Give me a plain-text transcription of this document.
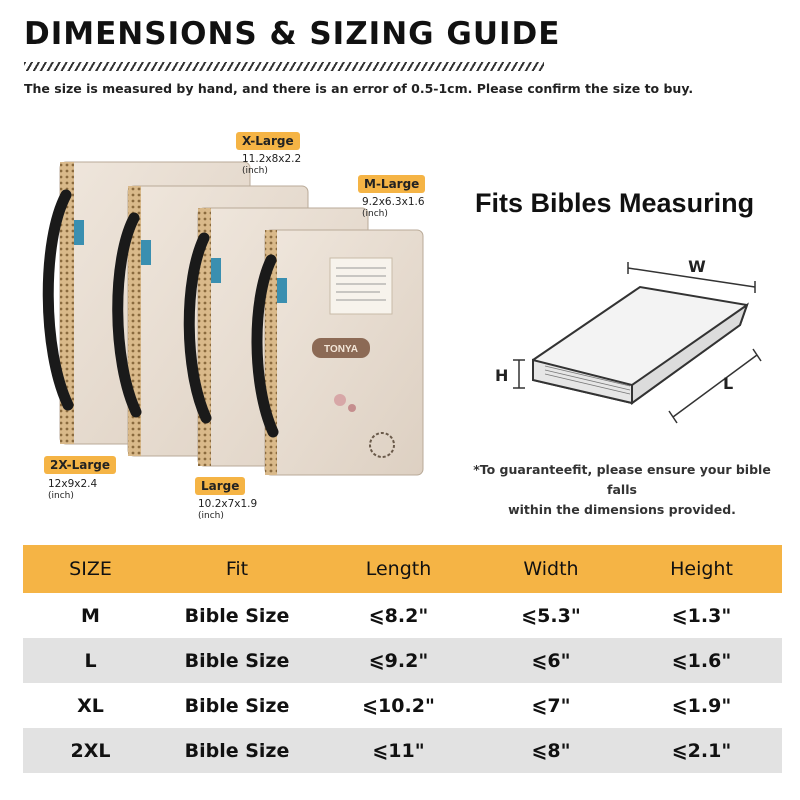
DIMENSIONS & SIZING GUIDE
The size is measured by hand, and there is an error of 0.5-1cm. Please confirm the size to buy.
TONYA
X-Large
11.2x8x2.2
(inch)
M-Large
9.2x6.3x1.6
(inch)
2X-Large
12x9x2.4
(inch)
Large
10.2x7x1.9
(inch)
Fits Bibles Measuring
W
H	L
*To guaranteefit, please ensure your bible falls
within the dimensions provided.
SIZE	Fit	Length	Width	Height
M	Bible Size	⩽8.2"	⩽5.3"	⩽1.3"
L	Bible Size	⩽9.2"	⩽6"	⩽1.6"
XL	Bible Size	⩽10.2"	⩽7"	⩽1.9"
2XL	Bible Size	⩽11"	⩽8"	⩽2.1"
